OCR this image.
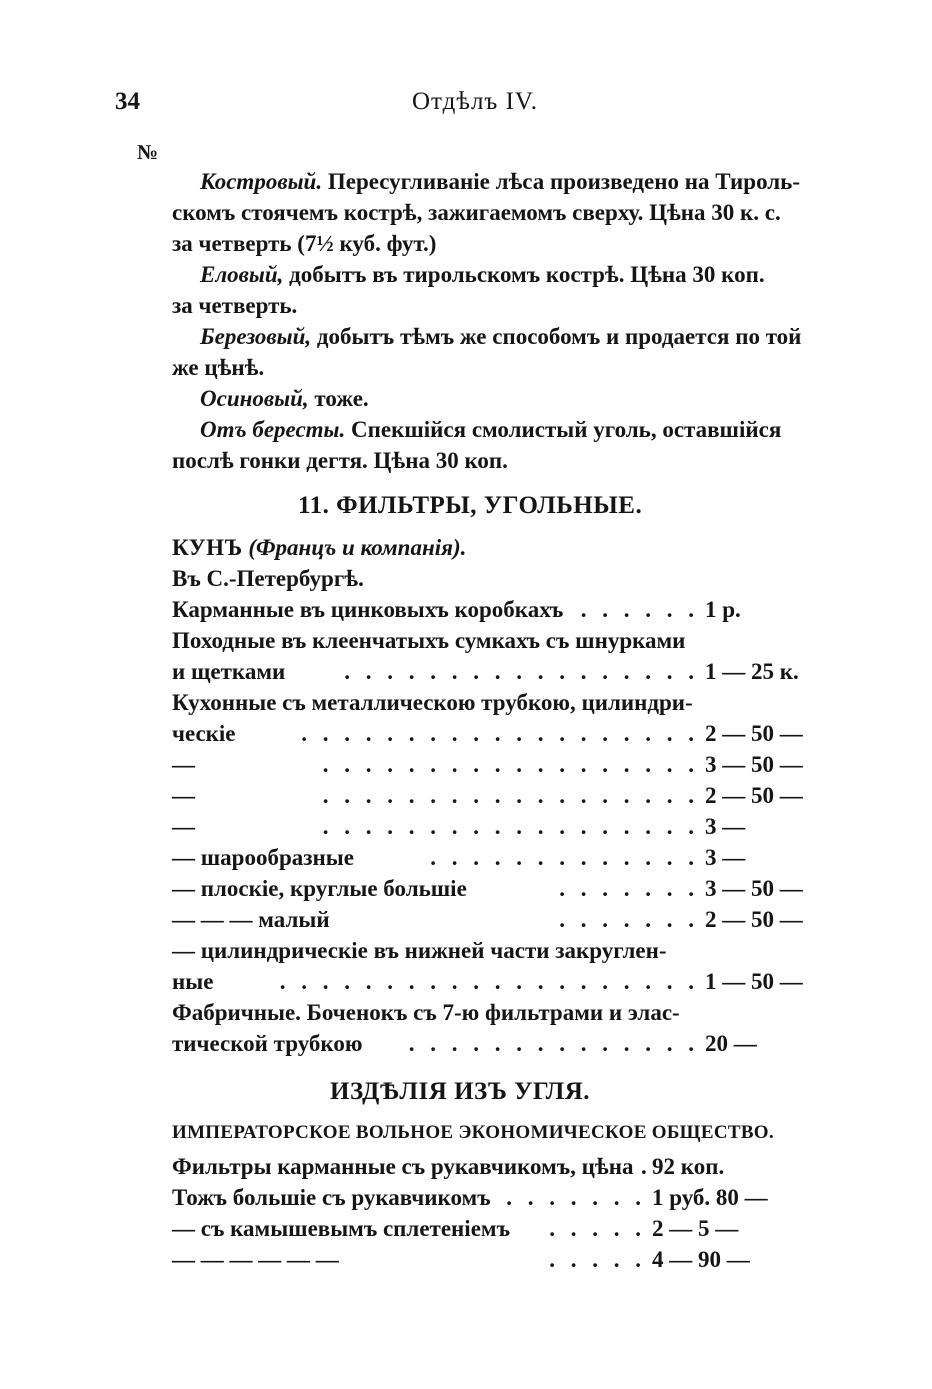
34	Отдѣлъ IV.
№

Костровый. Пересугливаніе лѣса произведено на Тироль-

скомъ стоячемъ кострѣ, зажигаемомъ сверху. Цѣна 30 к. с.

за четверть (7½ куб. фут.)

Еловый, добытъ въ тирольскомъ кострѣ. Цѣна 30 коп.

за четверть.

Березовый, добытъ тѣмъ же способомъ и продается по той

же цѣнѣ.

Осиновый, тоже.

Отъ бересты. Спекшійся смолистый уголь, оставшійся

послѣ гонки дегтя. Цѣна 30 коп.

11. ФИЛЬТРЫ, УГОЛЬНЫЕ.

КУНЪ (Францъ и компанія).

Въ С.-Петербургѣ.

Карманные въ цинковыхъ коробкахъ . . . . . . 1 р.
Походные въ клеенчатыхъ сумкахъ съ шнурками
и щетками	. . . . . . . . . . . . . . . . . 1 — 25 к.
Кухонные съ металлическою трубкою, цилиндри-
ческіе	. . . . . . . . . . . . . . . . . . . 2 — 50 —
—	. . . . . . . . . . . . . . . . . . 3 — 50 —
—	. . . . . . . . . . . . . . . . . . 2 — 50 —
—	. . . . . . . . . . . . . . . . . . 3 —
— шарообразные	. . . . . . . . . . . . . 3 —
— плоскіе, круглые большіе	. . . . . . . 3 — 50 —
— — — малый	. . . . . . . 2 — 50 —
— цилиндрическіе въ нижней части закруглен-
ные	. . . . . . . . . . . . . . . . . . . . 1 — 50 —
Фабричные. Боченокъ съ 7-ю фильтрами и элас-
тической трубкою	. . . . . . . . . . . . . . 20 —
ИЗДѢЛІЯ ИЗЪ УГЛЯ.
ИМПЕРАТОРСКОЕ ВОЛЬНОЕ ЭКОНОМИЧЕСКОЕ ОБЩЕСТВО.
Фильтры карманные съ рукавчикомъ, цѣна . 92 коп.
Тожъ большіе съ рукавчикомъ . . . . . . . 1 руб. 80 —
— съ камышевымъ сплетеніемъ	. . . . . 2 — 5 —
— — — — — —	. . . . . 4 — 90 —
